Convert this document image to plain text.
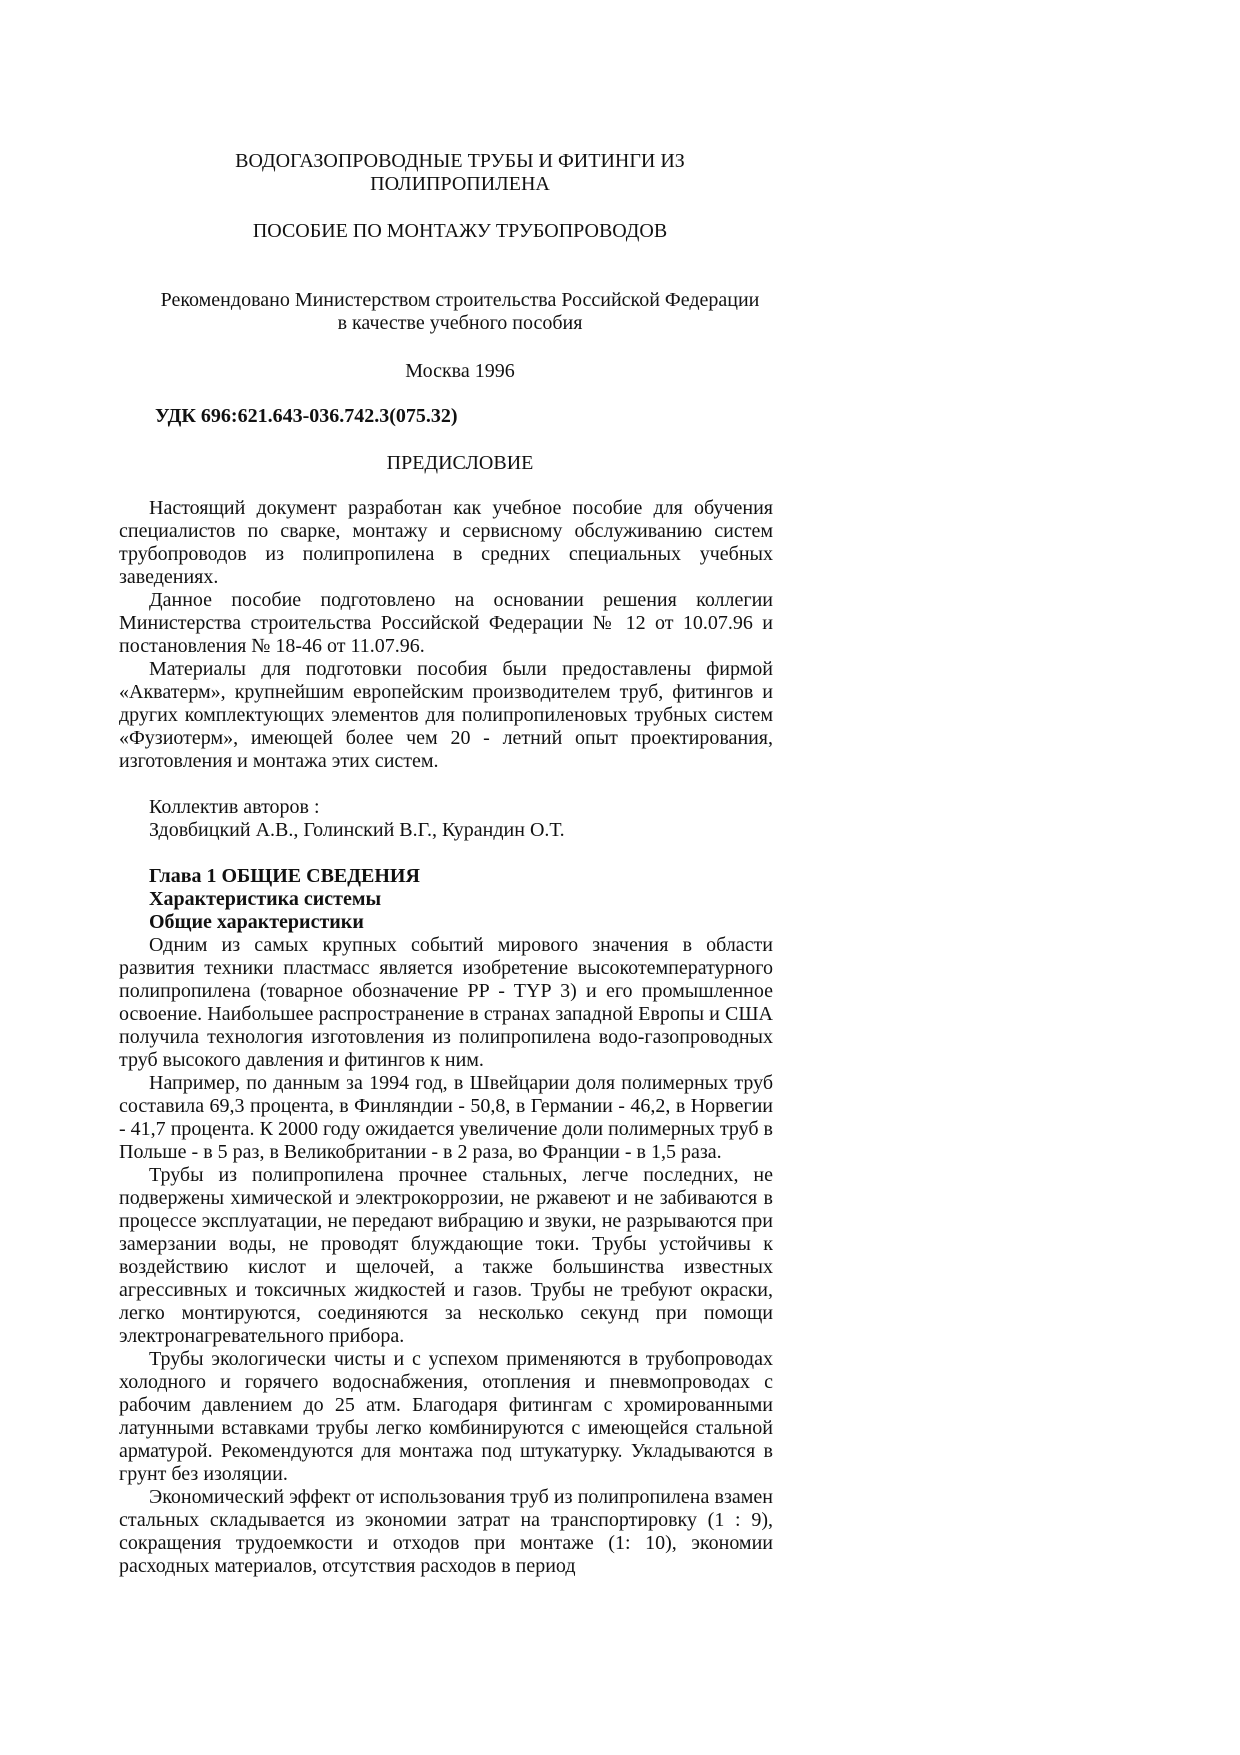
ВОДОГАЗОПРОВОДНЫЕ ТРУБЫ И ФИТИНГИ ИЗ
ПОЛИПРОПИЛЕНА
ПОСОБИЕ ПО МОНТАЖУ ТРУБОПРОВОДОВ
Рекомендовано Министерством строительства Российской Федерации
в качестве учебного пособия
Москва 1996
УДК 696:621.643-036.742.3(075.32)
ПРЕДИСЛОВИЕ

Настоящий документ разработан как учебное пособие для обучения специалистов по сварке, монтажу и сервисному обслуживанию систем трубопроводов из полипропилена в средних специальных учебных заведениях.

Данное пособие подготовлено на основании решения коллегии Министерства строительства Российской Федерации № 12 от 10.07.96 и постановления № 18-46 от 11.07.96.

Материалы для подготовки пособия были предоставлены фирмой «Акватерм», крупнейшим европейским производителем труб, фитингов и других комплектующих элементов для полипропиленовых трубных систем «Фузиотерм», имеющей более чем 20 - летний опыт проектирования, изготовления и монтажа этих систем.

Коллектив авторов :

Здовбицкий А.В., Голинский В.Г., Курандин О.Т.

Глава 1 ОБЩИЕ СВЕДЕНИЯ

Характеристика системы

Общие характеристики

Одним из самых крупных событий мирового значения в области развития техники пластмасс является изобретение высокотемпературного полипропилена (товарное обозначение PP - TYP 3) и его промышленное освоение. Наибольшее распространение в странах западной Европы и США получила технология изготовления из полипропилена водо-газопроводных труб высокого давления и фитингов к ним.

Например, по данным за 1994 год, в Швейцарии доля полимерных труб составила 69,3 процента, в Финляндии - 50,8, в Германии - 46,2, в Норвегии - 41,7 процента. К 2000 году ожидается увеличение доли полимерных труб в Польше - в 5 раз, в Великобритании - в 2 раза, во Франции - в 1,5 раза.

Трубы из полипропилена прочнее стальных, легче последних, не подвержены химической и электрокоррозии, не ржавеют и не забиваются в процессе эксплуатации, не передают вибрацию и звуки, не разрываются при замерзании воды, не проводят блуждающие токи. Трубы устойчивы к воздействию кислот и щелочей, а также большинства известных агрессивных и токсичных жидкостей и газов. Трубы не требуют окраски, легко монтируются, соединяются за несколько секунд при помощи электронагревательного прибора.

Трубы экологически чисты и с успехом применяются в трубопроводах холодного и горячего водоснабжения, отопления и пневмопроводах с рабочим давлением до 25 атм. Благодаря фитингам с хромированными латунными вставками трубы легко комбинируются с имеющейся стальной арматурой. Рекомендуются для монтажа под штукатурку. Укладываются в грунт без изоляции.

Экономический эффект от использования труб из полипропилена взамен стальных складывается из экономии затрат на транспортировку (1 : 9), сокращения трудоемкости и отходов при монтаже (1: 10), экономии расходных материалов, отсутствия расходов в период
